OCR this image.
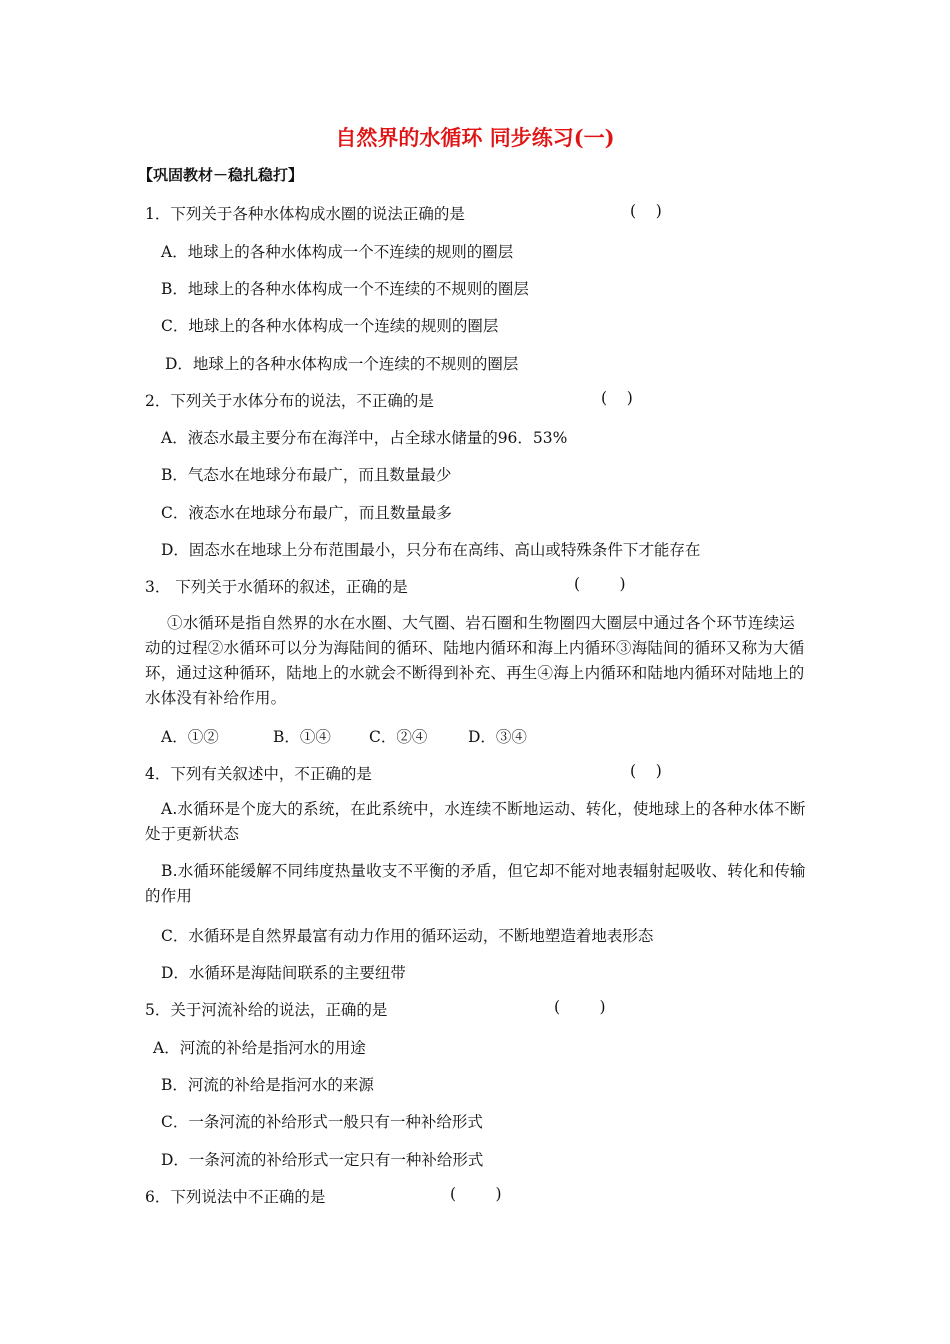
自然界的水循环 同步练习(一)
【巩固教材－稳扎稳打】
1．下列关于各种水体构成水圈的说法正确的是	(    )
A．地球上的各种水体构成一个不连续的规则的圈层
B．地球上的各种水体构成一个不连续的不规则的圈层
C．地球上的各种水体构成一个连续的规则的圈层
D．地球上的各种水体构成一个连续的不规则的圈层
2．下列关于水体分布的说法，不正确的是	(    )
A．液态水最主要分布在海洋中，占全球水储量的96．53%
B．气态水在地球分布最广，而且数量最少
C．液态水在地球分布最广，而且数量最多
D．固态水在地球上分布范围最小，只分布在高纬、高山或特殊条件下才能存在
3． 下列关于水循环的叙述，正确的是	(        )
①水循环是指自然界的水在水圈、大气圈、岩石圈和生物圈四大圈层中通过各个环节连续运动的过程②水循环可以分为海陆间的循环、陆地内循环和海上内循环③海陆间的循环又称为大循环，通过这种循环，陆地上的水就会不断得到补充、再生④海上内循环和陆地内循环对陆地上的水体没有补给作用。
A．①②	B．①④ C．②④	D．③④
4．下列有关叙述中，不正确的是	(    )
A.水循环是个庞大的系统，在此系统中，水连续不断地运动、转化，使地球上的各种水体不断处于更新状态
B.水循环能缓解不同纬度热量收支不平衡的矛盾，但它却不能对地表辐射起吸收、转化和传输的作用
C．水循环是自然界最富有动力作用的循环运动，不断地塑造着地表形态
D．水循环是海陆间联系的主要纽带
5．关于河流补给的说法，正确的是	(        )
A．河流的补给是指河水的用途
B．河流的补给是指河水的来源
C．一条河流的补给形式一般只有一种补给形式
D．一条河流的补给形式一定只有一种补给形式
6．下列说法中不正确的是	(        )
